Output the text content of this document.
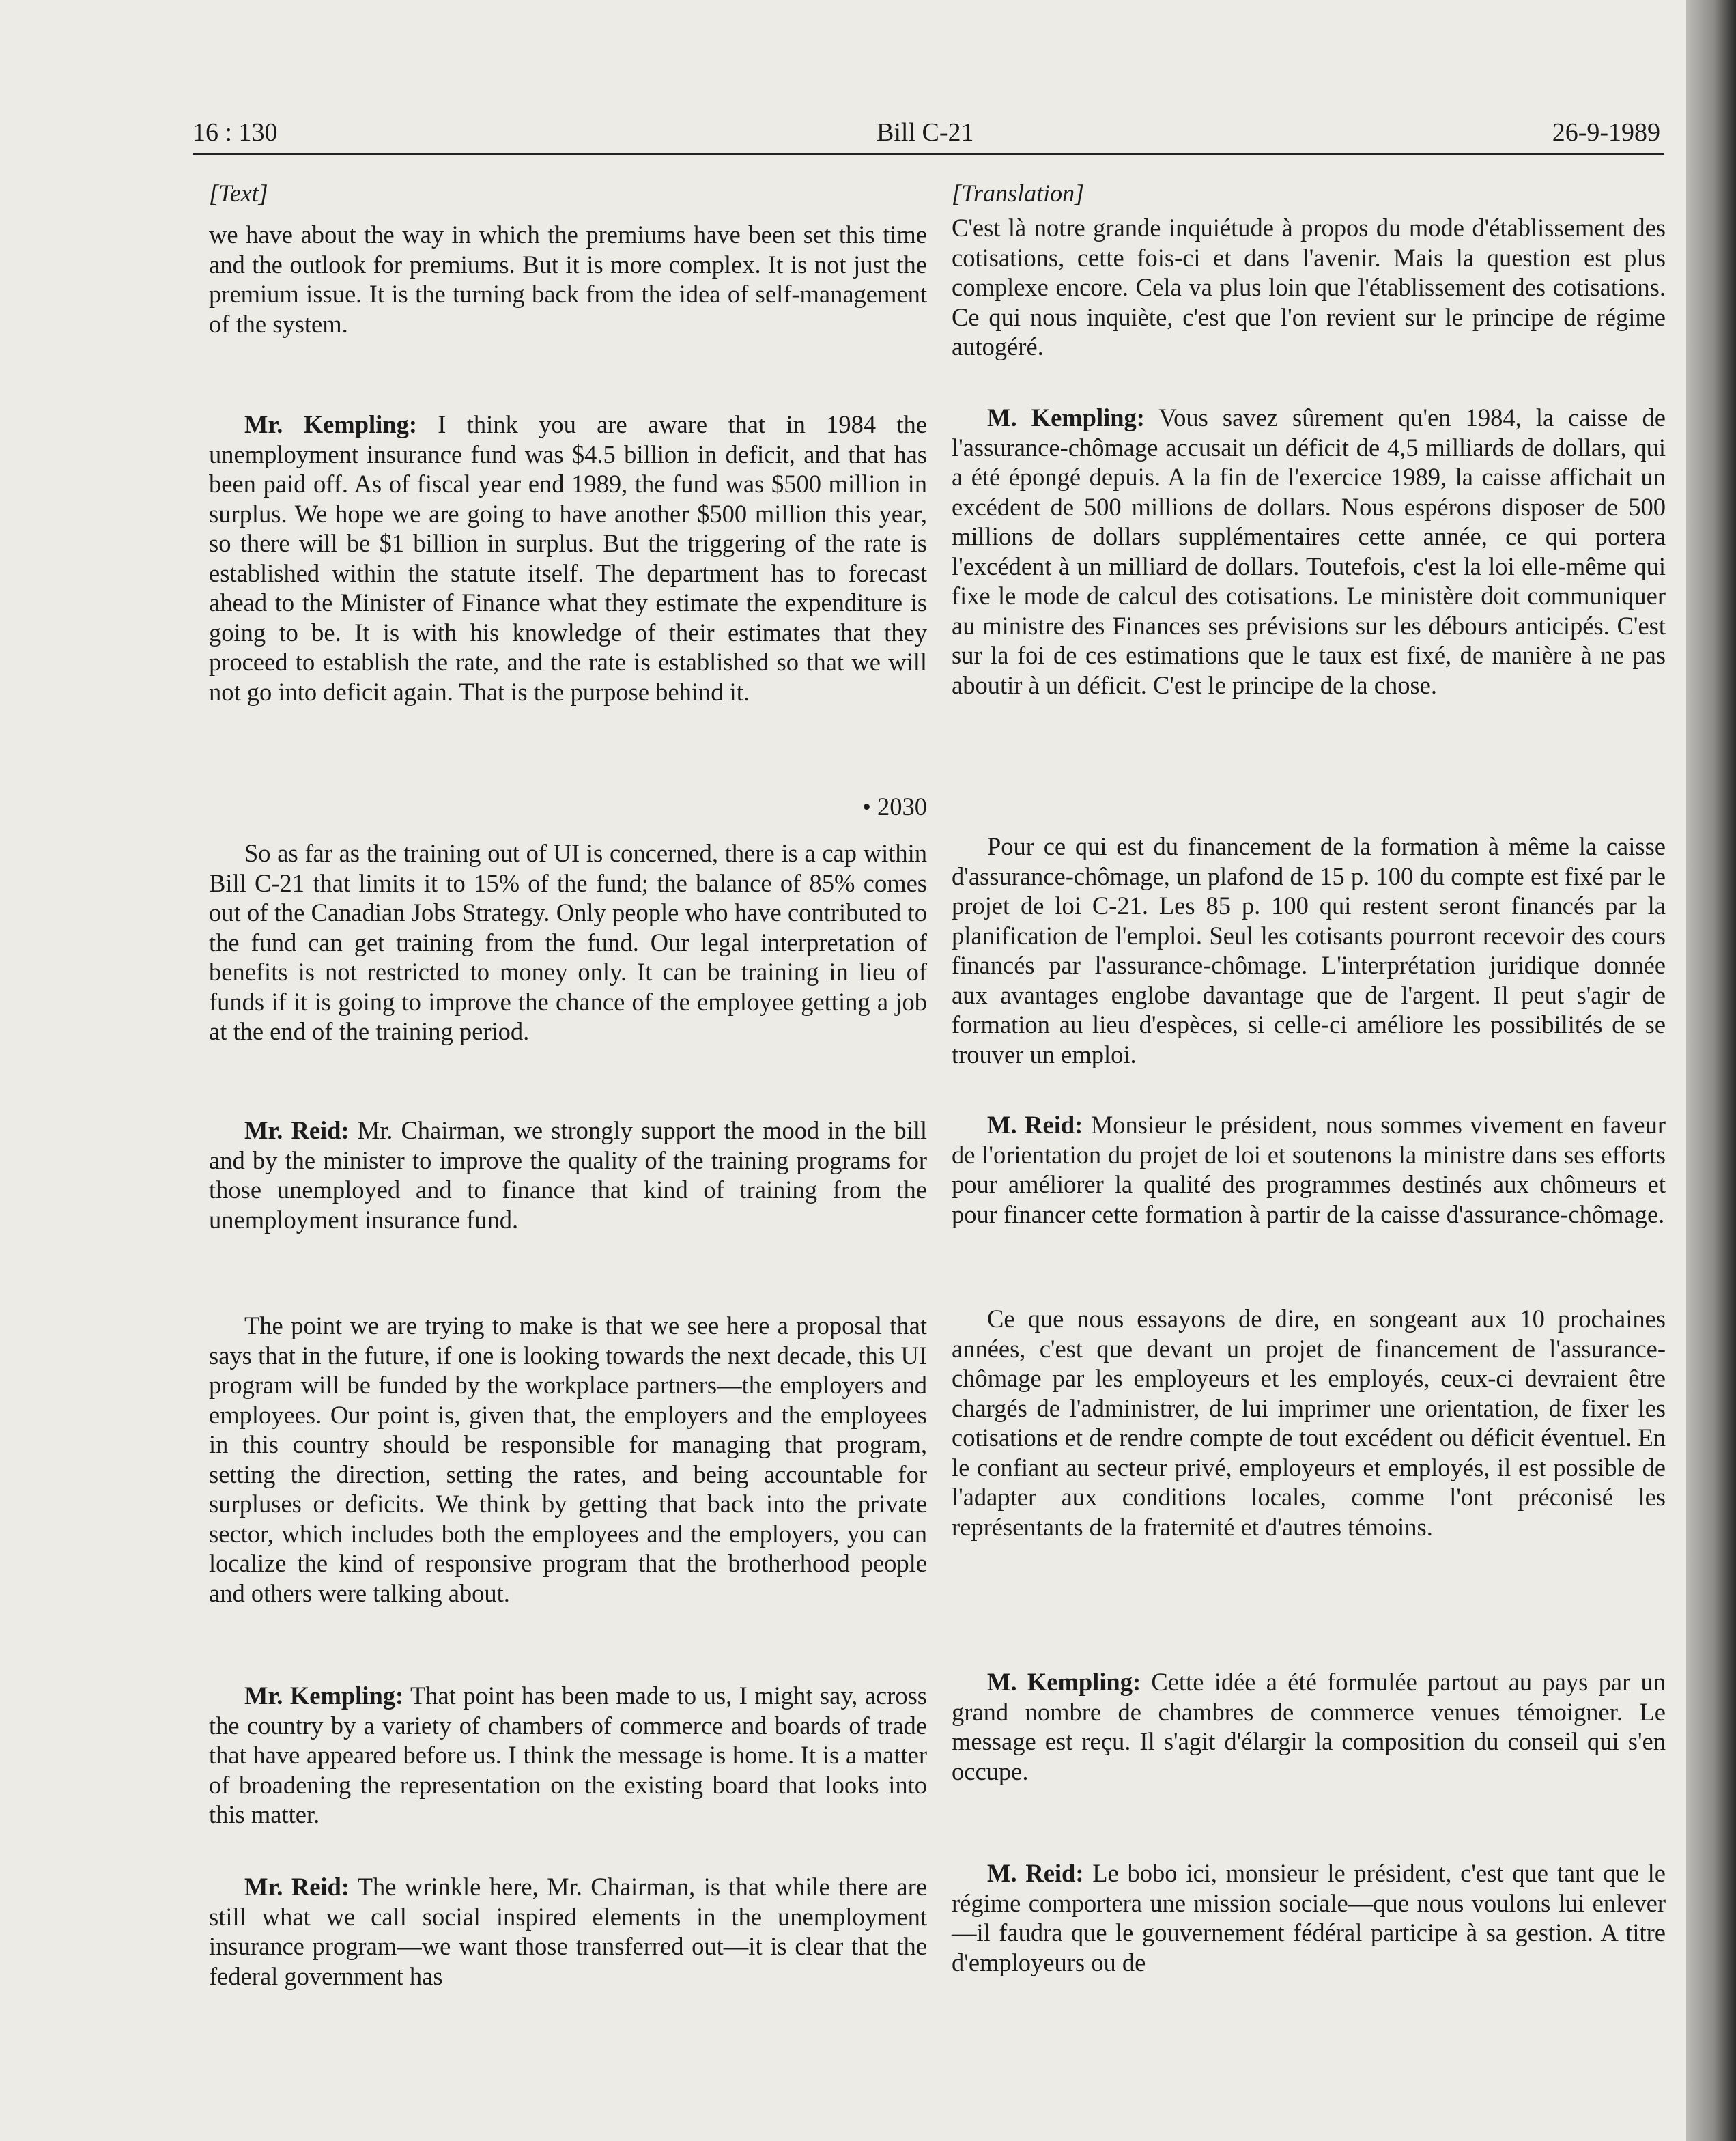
16 : 130	Bill C-21	26-9-1989

[Text]

we have about the way in which the premiums have been set this time and the outlook for premiums. But it is more complex. It is not just the premium issue. It is the turning back from the idea of self-management of the system.

Mr. Kempling: I think you are aware that in 1984 the unemployment insurance fund was $4.5 billion in deficit, and that has been paid off. As of fiscal year end 1989, the fund was $500 million in surplus. We hope we are going to have another $500 million this year, so there will be $1 billion in surplus. But the triggering of the rate is established within the statute itself. The department has to forecast ahead to the Minister of Finance what they estimate the expenditure is going to be. It is with his knowledge of their estimates that they proceed to establish the rate, and the rate is established so that we will not go into deficit again. That is the purpose behind it.

• 2030

So as far as the training out of UI is concerned, there is a cap within Bill C-21 that limits it to 15% of the fund; the balance of 85% comes out of the Canadian Jobs Strategy. Only people who have contributed to the fund can get training from the fund. Our legal interpretation of benefits is not restricted to money only. It can be training in lieu of funds if it is going to improve the chance of the employee getting a job at the end of the training period.

Mr. Reid: Mr. Chairman, we strongly support the mood in the bill and by the minister to improve the quality of the training programs for those unemployed and to finance that kind of training from the unemployment insurance fund.

The point we are trying to make is that we see here a proposal that says that in the future, if one is looking towards the next decade, this UI program will be funded by the workplace partners—the employers and employees. Our point is, given that, the employers and the employees in this country should be responsible for managing that program, setting the direction, setting the rates, and being accountable for surpluses or deficits. We think by getting that back into the private sector, which includes both the employees and the employers, you can localize the kind of responsive program that the brotherhood people and others were talking about.

Mr. Kempling: That point has been made to us, I might say, across the country by a variety of chambers of commerce and boards of trade that have appeared before us. I think the message is home. It is a matter of broadening the representation on the existing board that looks into this matter.

Mr. Reid: The wrinkle here, Mr. Chairman, is that while there are still what we call social inspired elements in the unemployment insurance program—we want those transferred out—it is clear that the federal government has

[Translation]

C'est là notre grande inquiétude à propos du mode d'établissement des cotisations, cette fois-ci et dans l'avenir. Mais la question est plus complexe encore. Cela va plus loin que l'établissement des cotisations. Ce qui nous inquiète, c'est que l'on revient sur le principe de régime autogéré.

M. Kempling: Vous savez sûrement qu'en 1984, la caisse de l'assurance-chômage accusait un déficit de 4,5 milliards de dollars, qui a été épongé depuis. A la fin de l'exercice 1989, la caisse affichait un excédent de 500 millions de dollars. Nous espérons disposer de 500 millions de dollars supplémentaires cette année, ce qui portera l'excédent à un milliard de dollars. Toutefois, c'est la loi elle-même qui fixe le mode de calcul des cotisations. Le ministère doit communiquer au ministre des Finances ses prévisions sur les débours anticipés. C'est sur la foi de ces estimations que le taux est fixé, de manière à ne pas aboutir à un déficit. C'est le principe de la chose.

Pour ce qui est du financement de la formation à même la caisse d'assurance-chômage, un plafond de 15 p. 100 du compte est fixé par le projet de loi C-21. Les 85 p. 100 qui restent seront financés par la planification de l'emploi. Seul les cotisants pourront recevoir des cours financés par l'assurance-chômage. L'interprétation juridique donnée aux avantages englobe davantage que de l'argent. Il peut s'agir de formation au lieu d'espèces, si celle-ci améliore les possibilités de se trouver un emploi.

M. Reid: Monsieur le président, nous sommes vivement en faveur de l'orientation du projet de loi et soutenons la ministre dans ses efforts pour améliorer la qualité des programmes destinés aux chômeurs et pour financer cette formation à partir de la caisse d'assurance-chômage.

Ce que nous essayons de dire, en songeant aux 10 prochaines années, c'est que devant un projet de financement de l'assurance-chômage par les employeurs et les employés, ceux-ci devraient être chargés de l'administrer, de lui imprimer une orientation, de fixer les cotisations et de rendre compte de tout excédent ou déficit éventuel. En le confiant au secteur privé, employeurs et employés, il est possible de l'adapter aux conditions locales, comme l'ont préconisé les représentants de la fraternité et d'autres témoins.

M. Kempling: Cette idée a été formulée partout au pays par un grand nombre de chambres de commerce venues témoigner. Le message est reçu. Il s'agit d'élargir la composition du conseil qui s'en occupe.

M. Reid: Le bobo ici, monsieur le président, c'est que tant que le régime comportera une mission sociale—que nous voulons lui enlever—il faudra que le gouvernement fédéral participe à sa gestion. A titre d'employeurs ou de
